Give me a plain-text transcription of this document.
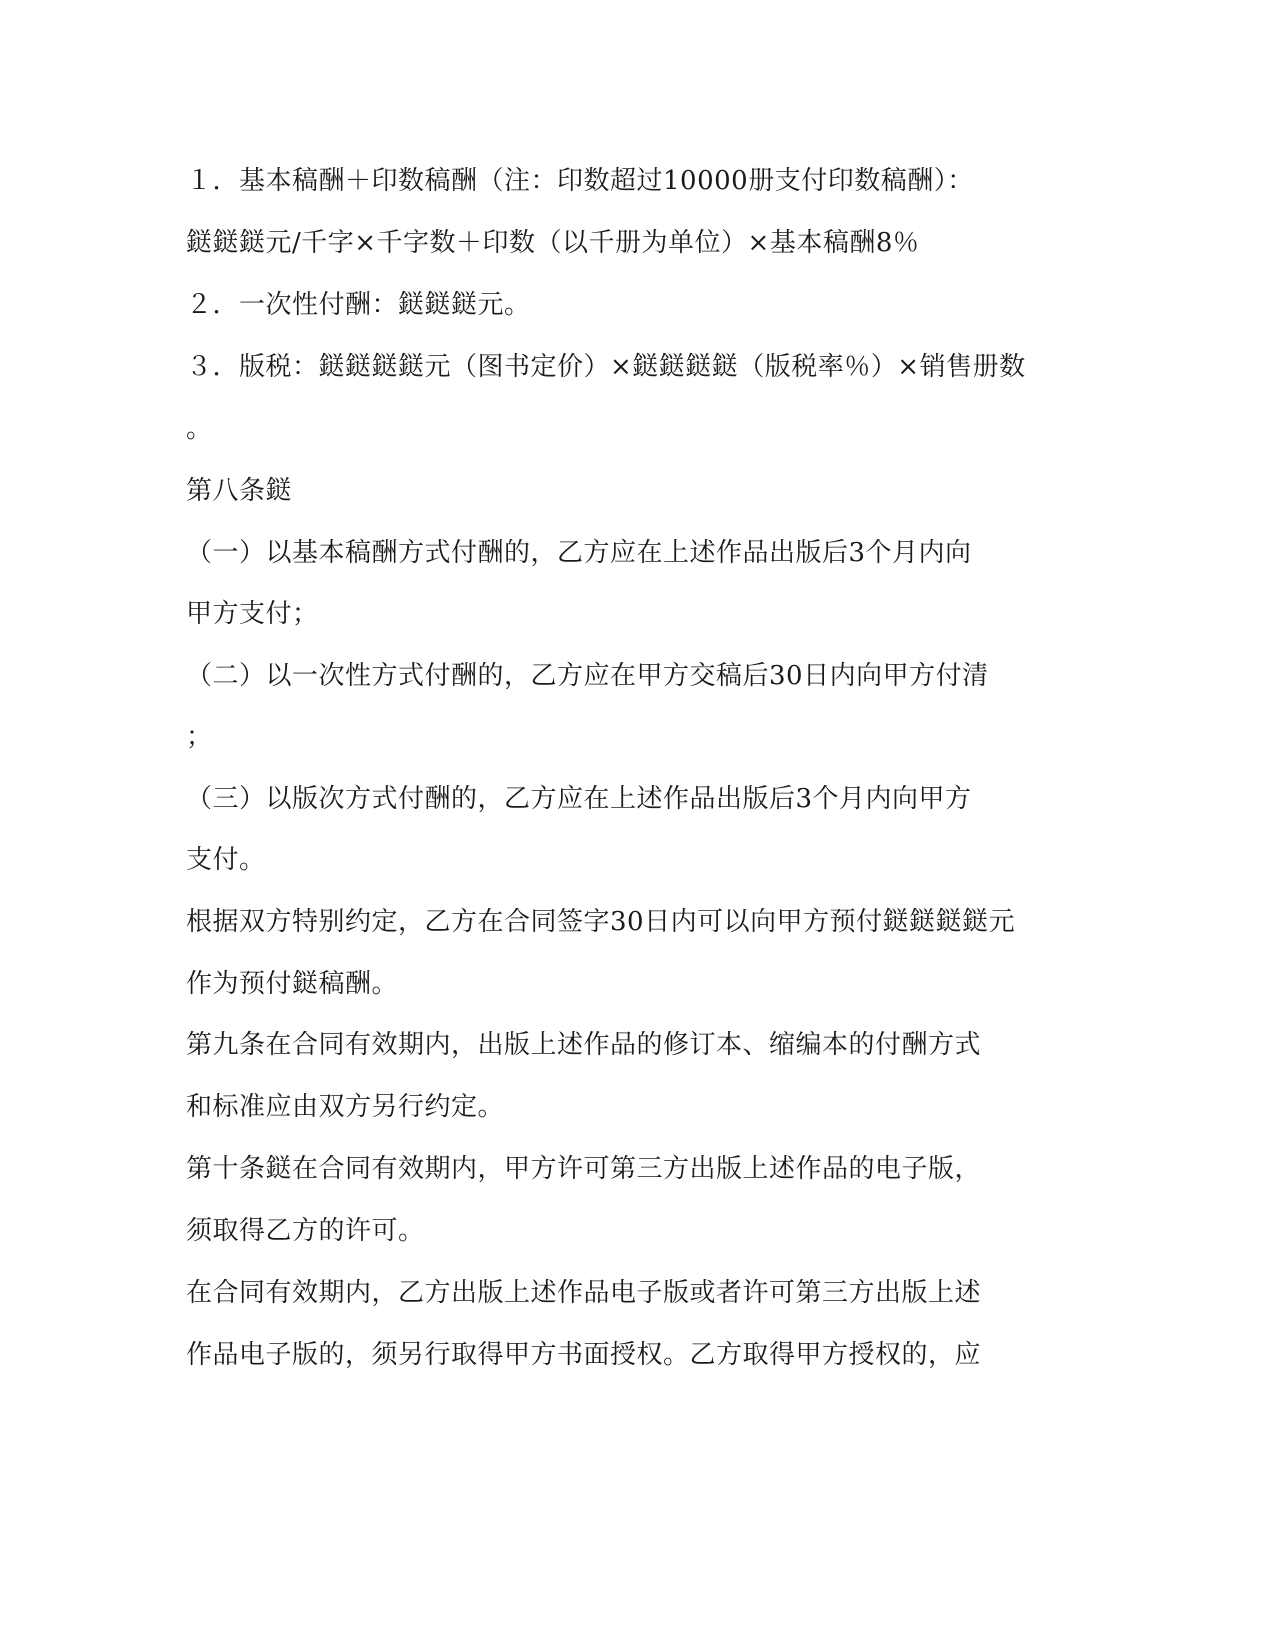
１．基本稿酬＋印数稿酬（注：印数超过10000册支付印数稿酬）：
鎹鎹鎹元/千字×千字数＋印数（以千册为单位）×基本稿酬8％
２．一次性付酬：鎹鎹鎹元。
３．版税：鎹鎹鎹鎹元（图书定价）×鎹鎹鎹鎹（版税率％）×销售册数
。
第八条鎹
（一）以基本稿酬方式付酬的，乙方应在上述作品出版后3个月内向
甲方支付；
（二）以一次性方式付酬的，乙方应在甲方交稿后30日内向甲方付清
；
（三）以版次方式付酬的，乙方应在上述作品出版后3个月内向甲方
支付。
根据双方特别约定，乙方在合同签字30日内可以向甲方预付鎹鎹鎹鎹元
作为预付鎹稿酬。
第九条在合同有效期内，出版上述作品的修订本、缩编本的付酬方式
和标准应由双方另行约定。
第十条鎹在合同有效期内，甲方许可第三方出版上述作品的电子版，
须取得乙方的许可。
在合同有效期内，乙方出版上述作品电子版或者许可第三方出版上述
作品电子版的，须另行取得甲方书面授权。乙方取得甲方授权的，应
